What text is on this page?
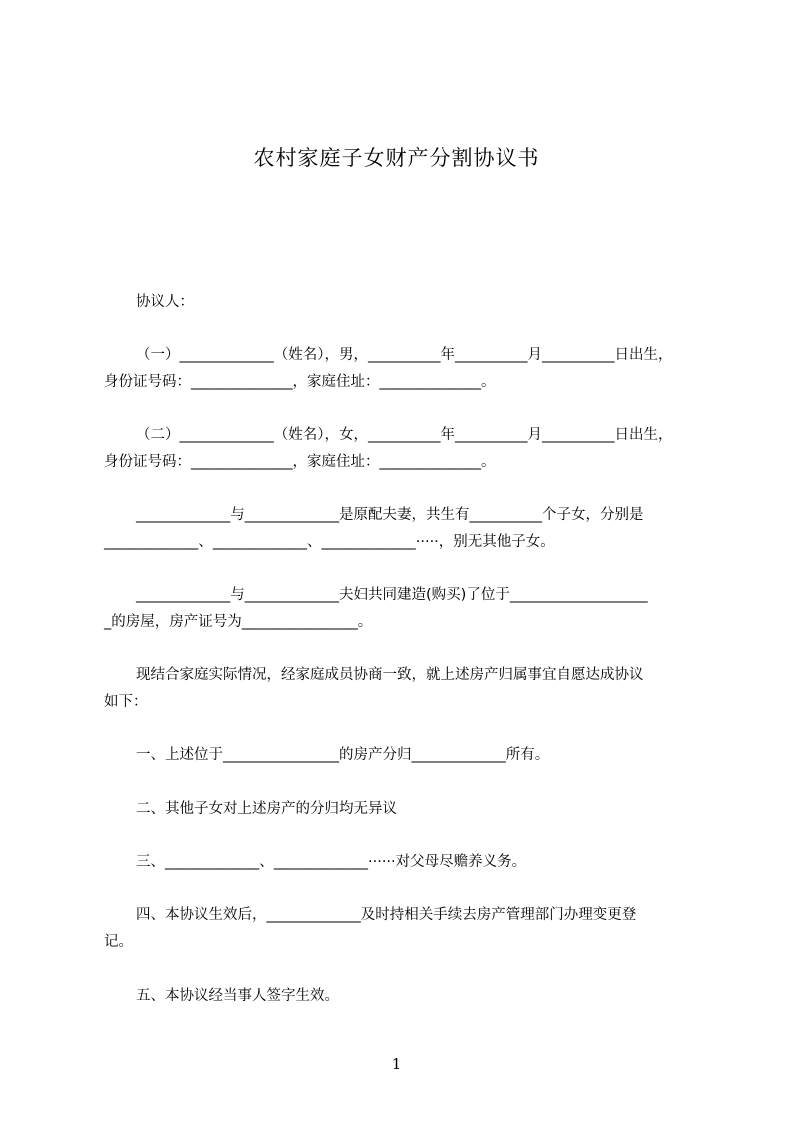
农村家庭子女财产分割协议书
协议人：
（一）_____________（姓名），男，__________年__________月__________日出生，
身份证号码：______________，家庭住址：______________。
（二）_____________（姓名），女，__________年__________月__________日出生，
身份证号码：______________，家庭住址：______________。
_____________与_____________是原配夫妻，共生有__________个子女，分别是
_____________、_____________、_____________·····，别无其他子女。
_____________与_____________夫妇共同建造(购买)了位于___________________
_的房屋，房产证号为________________。
现结合家庭实际情况，经家庭成员协商一致，就上述房产归属事宜自愿达成协议
如下：
一、上述位于________________的房产分归_____________所有。
二、其他子女对上述房产的分归均无异议
三、_____________、_____________······对父母尽赡养义务。
四、本协议生效后，_____________及时持相关手续去房产管理部门办理变更登
记。
五、本协议经当事人签字生效。
1
